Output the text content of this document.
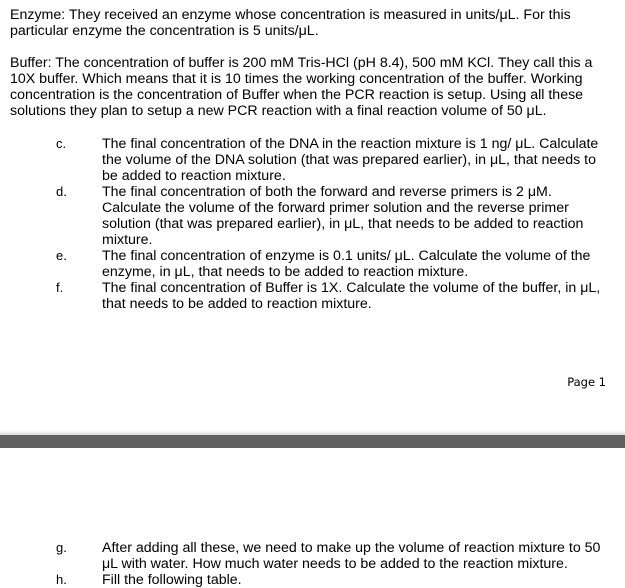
Enzyme: They received an enzyme whose concentration is measured in units/μL. For this particular enzyme the concentration is 5 units/μL.

Buffer: The concentration of buffer is 200 mM Tris-HCl (pH 8.4), 500 mM KCl. They call this a 10X buffer. Which means that it is 10 times the working concentration of the buffer. Working concentration is the concentration of Buffer when the PCR reaction is setup. Using all these solutions they plan to setup a new PCR reaction with a final reaction volume of 50 μL.

c.	The final concentration of the DNA in the reaction mixture is 1 ng/ μL. Calculate the volume of the DNA solution (that was prepared earlier), in μL, that needs to be added to reaction mixture.

d. The final concentration of both the forward and reverse primers is 2 μM. Calculate the volume of the forward primer solution and the reverse primer solution (that was prepared earlier), in μL, that needs to be added to reaction mixture.

e. The final concentration of enzyme is 0.1 units/ μL. Calculate the volume of the enzyme, in μL, that needs to be added to reaction mixture.

f.	The final concentration of Buffer is 1X. Calculate the volume of the buffer, in μL, that needs to be added to reaction mixture.

Page 1
g. After adding all these, we need to make up the volume of reaction mixture to 50 μL with water. How much water needs to be added to the reaction mixture.

h. Fill the following table.
